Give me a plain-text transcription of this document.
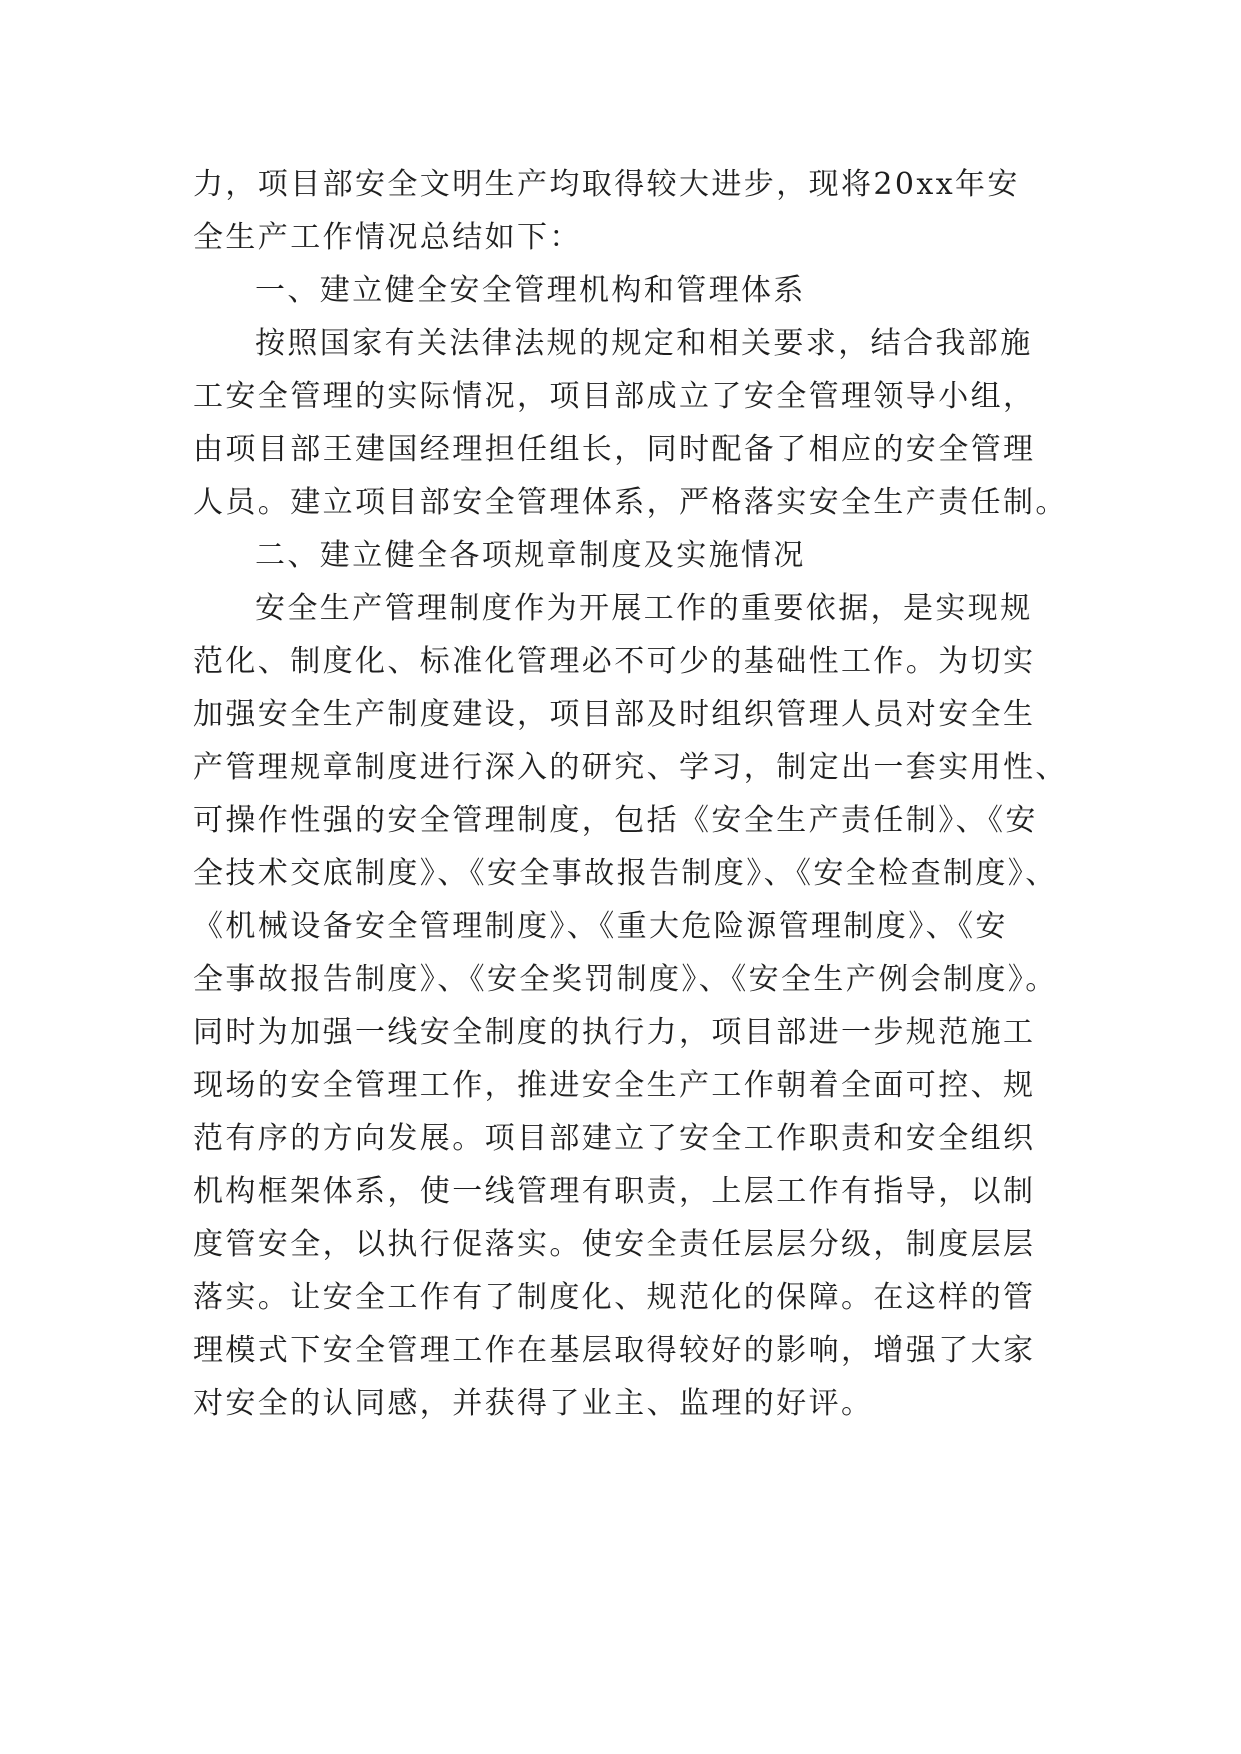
力，项目部安全文明生产均取得较大进步，现将20xx年安
全生产工作情况总结如下：
一、建立健全安全管理机构和管理体系
按照国家有关法律法规的规定和相关要求，结合我部施
工安全管理的实际情况，项目部成立了安全管理领导小组，
由项目部王建国经理担任组长，同时配备了相应的安全管理
人员。建立项目部安全管理体系，严格落实安全生产责任制。
二、建立健全各项规章制度及实施情况
安全生产管理制度作为开展工作的重要依据，是实现规
范化、制度化、标准化管理必不可少的基础性工作。为切实
加强安全生产制度建设，项目部及时组织管理人员对安全生
产管理规章制度进行深入的研究、学习，制定出一套实用性、
可操作性强的安全管理制度，包括《安全生产责任制》、《安
全技术交底制度》、《安全事故报告制度》、《安全检查制度》、
《机械设备安全管理制度》、《重大危险源管理制度》、《安
全事故报告制度》、《安全奖罚制度》、《安全生产例会制度》。
同时为加强一线安全制度的执行力，项目部进一步规范施工
现场的安全管理工作，推进安全生产工作朝着全面可控、规
范有序的方向发展。项目部建立了安全工作职责和安全组织
机构框架体系，使一线管理有职责，上层工作有指导，以制
度管安全，以执行促落实。使安全责任层层分级，制度层层
落实。让安全工作有了制度化、规范化的保障。在这样的管
理模式下安全管理工作在基层取得较好的影响，增强了大家
对安全的认同感，并获得了业主、监理的好评。
